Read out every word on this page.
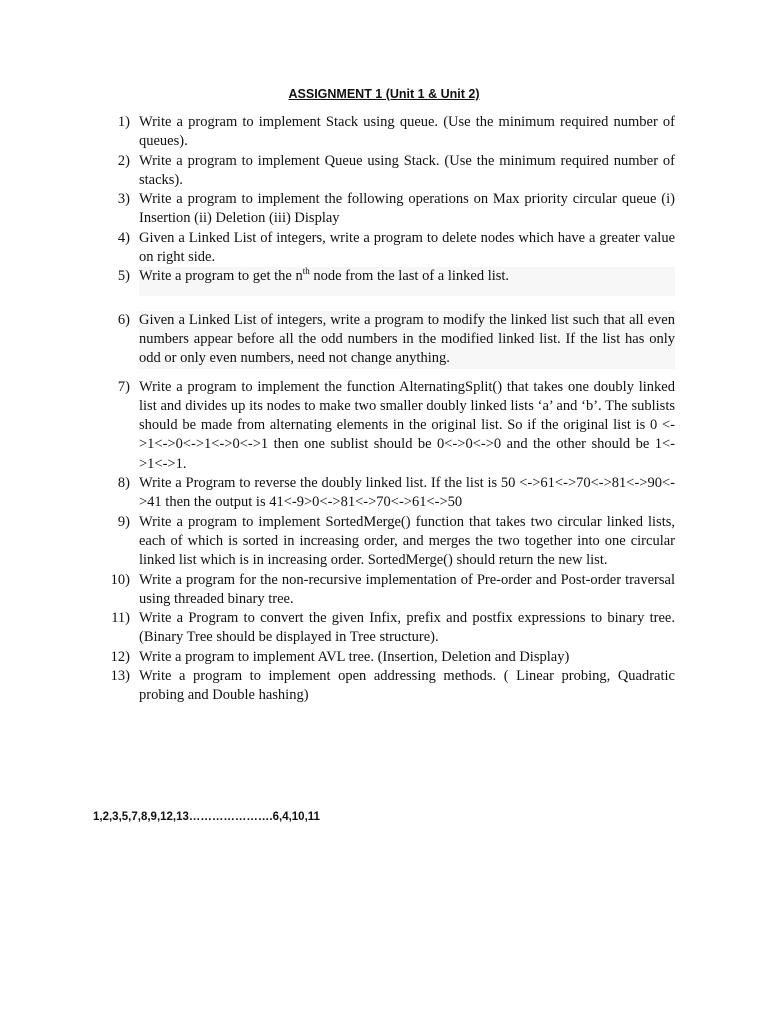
ASSIGNMENT 1 (Unit 1 & Unit 2)
1) Write a program to implement Stack using queue. (Use the minimum required number of queues).
2) Write a program to implement Queue using Stack. (Use the minimum required number of stacks).
3) Write a program to implement the following operations on Max priority circular queue (i) Insertion (ii) Deletion (iii) Display
4) Given a Linked List of integers, write a program to delete nodes which have a greater value on right side.
5) Write a program to get the $n^{th}$ node from the last of a linked list.
6) Given a Linked List of integers, write a program to modify the linked list such that all even numbers appear before all the odd numbers in the modified linked list. If the list has only odd or only even numbers, need not change anything.
7) Write a program to implement the function AlternatingSplit() that takes one doubly linked list and divides up its nodes to make two smaller doubly linked lists ‘a’ and ‘b’. The sublists should be made from alternating elements in the original list. So if the original list is 0 <->1<->0<->1<->0<->1 then one sublist should be 0<->0<->0 and the other should be 1<->1<->1.
8) Write a Program to reverse the doubly linked list. If the list is 50 <->61<->70<->81<->90<->41 then the output is 41<-9>0<->81<->70<->61<->50
9) Write a program to implement SortedMerge() function that takes two circular linked lists, each of which is sorted in increasing order, and merges the two together into one circular linked list which is in increasing order. SortedMerge() should return the new list.
10) Write a program for the non-recursive implementation of Pre-order and Post-order traversal using threaded binary tree.
11) Write a Program to convert the given Infix, prefix and postfix expressions to binary tree. (Binary Tree should be displayed in Tree structure).
12) Write a program to implement AVL tree. (Insertion, Deletion and Display)
13) Write a program to implement open addressing methods. ( Linear probing, Quadratic probing and Double hashing)
1,2,3,5,7,8,9,12,13………………….6,4,10,11
